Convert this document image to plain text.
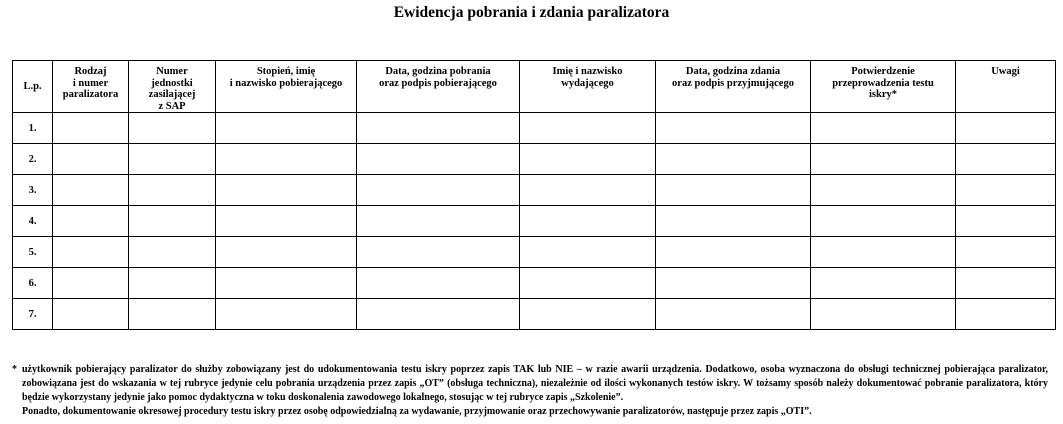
Ewidencja pobrania i zdania paralizatora
L.p.	Rodzaj
i numer
paralizatora	Numer
jednostki
zasilającej
z SAP	Stopień, imię
i nazwisko pobierającego	Data, godzina pobrania
oraz podpis pobierającego	Imię i nazwisko
wydającego	Data, godzina zdania
oraz podpis przyjmującego	Potwierdzenie
przeprowadzenia testu
iskry*	Uwagi
1.								
2.								
3.								
4.								
5.								
6.								
7.								
* użytkownik pobierający paralizator do służby zobowiązany jest do udokumentowania testu iskry poprzez zapis TAK lub NIE – w razie awarii urządzenia. Dodatkowo, osoba wyznaczona do obsługi technicznej pobierająca paralizator, zobowiązana jest do wskazania w tej rubryce jedynie celu pobrania urządzenia przez zapis „OT” (obsługa techniczna), niezależnie od ilości wykonanych testów iskry. W tożsamy sposób należy dokumentować pobranie paralizatora, który będzie wykorzystany jedynie jako pomoc dydaktyczna w toku doskonalenia zawodowego lokalnego, stosując w tej rubryce zapis „Szkolenie”.
Ponadto, dokumentowanie okresowej procedury testu iskry przez osobę odpowiedzialną za wydawanie, przyjmowanie oraz przechowywanie paralizatorów, następuje przez zapis „OTI”.
